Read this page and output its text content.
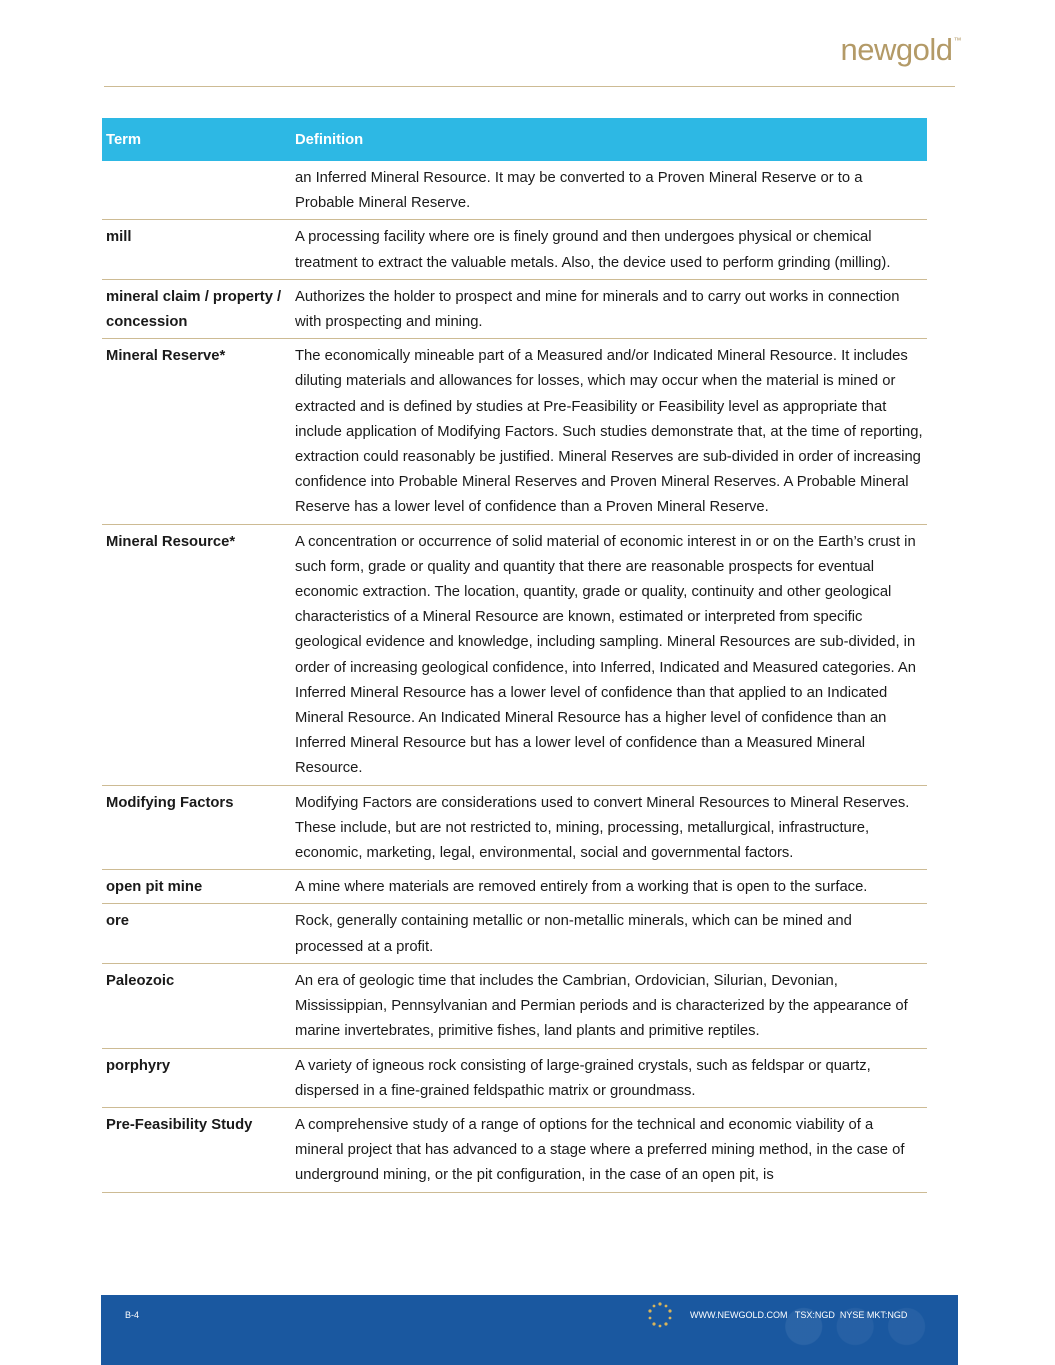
newgold™
Term	Definition
	an Inferred Mineral Resource. It may be converted to a Proven Mineral Reserve or to a Probable Mineral Reserve.
mill	A processing facility where ore is finely ground and then undergoes physical or chemical treatment to extract the valuable metals. Also, the device used to perform grinding (milling).
mineral claim / property / concession	Authorizes the holder to prospect and mine for minerals and to carry out works in connection with prospecting and mining.
Mineral Reserve*	The economically mineable part of a Measured and/or Indicated Mineral Resource. It includes diluting materials and allowances for losses, which may occur when the material is mined or extracted and is defined by studies at Pre-Feasibility or Feasibility level as appropriate that include application of Modifying Factors. Such studies demonstrate that, at the time of reporting, extraction could reasonably be justified. Mineral Reserves are sub-divided in order of increasing confidence into Probable Mineral Reserves and Proven Mineral Reserves. A Probable Mineral Reserve has a lower level of confidence than a Proven Mineral Reserve.
Mineral Resource*	A concentration or occurrence of solid material of economic interest in or on the Earth’s crust in such form, grade or quality and quantity that there are reasonable prospects for eventual economic extraction. The location, quantity, grade or quality, continuity and other geological characteristics of a Mineral Resource are known, estimated or interpreted from specific geological evidence and knowledge, including sampling. Mineral Resources are sub-divided, in order of increasing geological confidence, into Inferred, Indicated and Measured categories. An Inferred Mineral Resource has a lower level of confidence than that applied to an Indicated Mineral Resource. An Indicated Mineral Resource has a higher level of confidence than an Inferred Mineral Resource but has a lower level of confidence than a Measured Mineral Resource.
Modifying Factors	Modifying Factors are considerations used to convert Mineral Resources to Mineral Reserves. These include, but are not restricted to, mining, processing, metallurgical, infrastructure, economic, marketing, legal, environmental, social and governmental factors.
open pit mine	A mine where materials are removed entirely from a working that is open to the surface.
ore	Rock, generally containing metallic or non-metallic minerals, which can be mined and processed at a profit.
Paleozoic	An era of geologic time that includes the Cambrian, Ordovician, Silurian, Devonian, Mississippian, Pennsylvanian and Permian periods and is characterized by the appearance of marine invertebrates, primitive fishes, land plants and primitive reptiles.
porphyry	A variety of igneous rock consisting of large-grained crystals, such as feldspar or quartz, dispersed in a fine-grained feldspathic matrix or groundmass.
Pre-Feasibility Study	A comprehensive study of a range of options for the technical and economic viability of a mineral project that has advanced to a stage where a preferred mining method, in the case of underground mining, or the pit configuration, in the case of an open pit, is
B-4	WWW.NEWGOLD.COM TSX:NGD  NYSE MKT:NGD
